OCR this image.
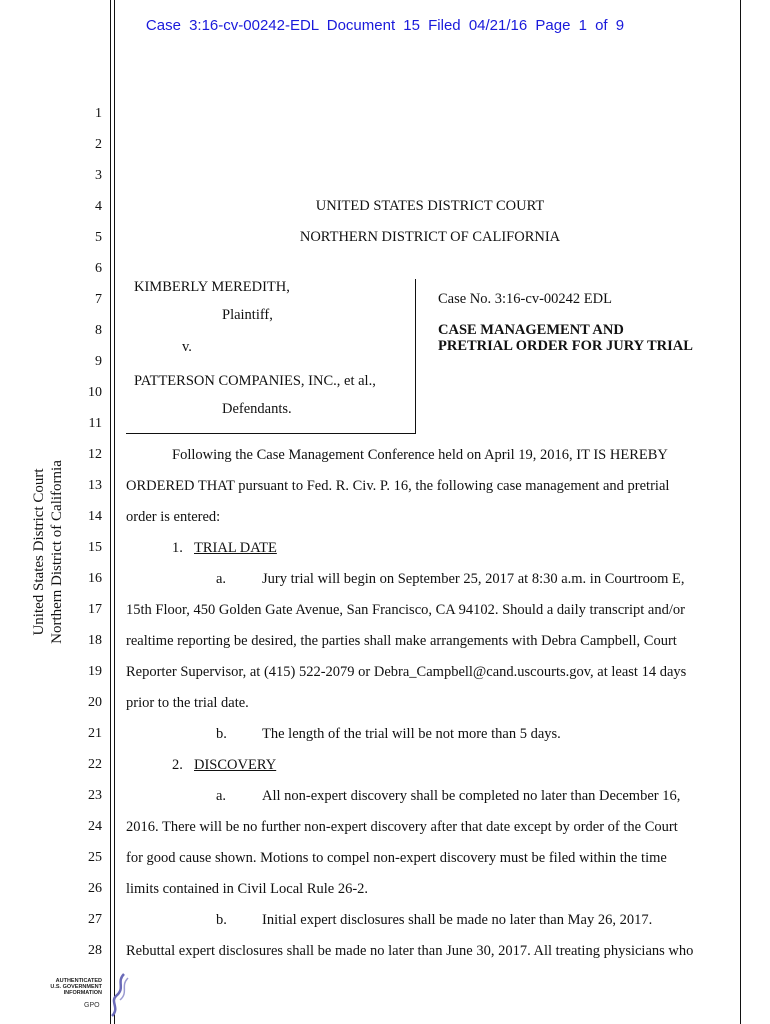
Case 3:16-cv-00242-EDL Document 15 Filed 04/21/16 Page 1 of 9
United States District Court Northern District of California
1
2
3
4
5
6
7
8
9
10
11
12
13
14
15
16
17
18
19
20
21
22
23
24
25
26
27
28
UNITED STATES DISTRICT COURT
NORTHERN DISTRICT OF CALIFORNIA
KIMBERLY MEREDITH,
Plaintiff,
v.
PATTERSON COMPANIES, INC., et al.,
Defendants.
Case No. 3:16-cv-00242 EDL
CASE MANAGEMENT AND
PRETRIAL ORDER FOR JURY TRIAL
Following the Case Management Conference held on April 19, 2016, IT IS HEREBY
ORDERED THAT pursuant to Fed. R. Civ. P. 16, the following case management and pretrial
order is entered:
1. TRIAL DATE
a. Jury trial will begin on September 25, 2017 at 8:30 a.m. in Courtroom E,
15th Floor, 450 Golden Gate Avenue, San Francisco, CA 94102. Should a daily transcript and/or
realtime reporting be desired, the parties shall make arrangements with Debra Campbell, Court
Reporter Supervisor, at (415) 522-2079 or Debra_Campbell@cand.uscourts.gov, at least 14 days
prior to the trial date.
b. The length of the trial will be not more than 5 days.
2. DISCOVERY
a. All non-expert discovery shall be completed no later than December 16,
2016. There will be no further non-expert discovery after that date except by order of the Court
for good cause shown. Motions to compel non-expert discovery must be filed within the time
limits contained in Civil Local Rule 26-2.
b. Initial expert disclosures shall be made no later than May 26, 2017.
Rebuttal expert disclosures shall be made no later than June 30, 2017. All treating physicians who
AUTHENTICATED
U.S. GOVERNMENT
INFORMATION
GPO
